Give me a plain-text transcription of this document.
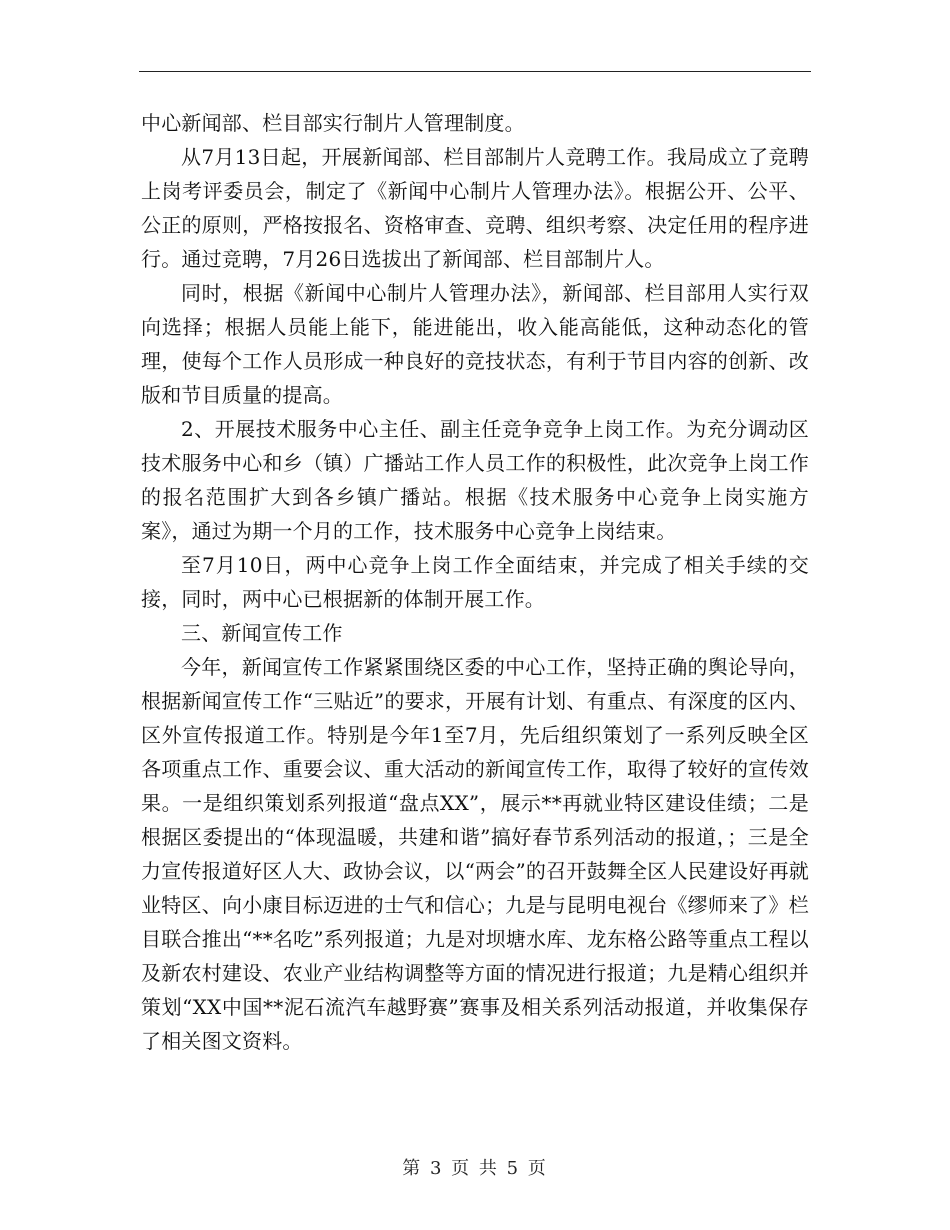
中心新闻部、栏目部实行制片人管理制度。

从7月13日起，开展新闻部、栏目部制片人竞聘工作。我局成立了竞聘上岗考评委员会，制定了《新闻中心制片人管理办法》。根据公开、公平、公正的原则，严格按报名、资格审查、竞聘、组织考察、决定任用的程序进行。通过竞聘，7月26日选拔出了新闻部、栏目部制片人。

同时，根据《新闻中心制片人管理办法》，新闻部、栏目部用人实行双向选择；根据人员能上能下，能进能出，收入能高能低，这种动态化的管理，使每个工作人员形成一种良好的竞技状态，有利于节目内容的创新、改版和节目质量的提高。

2、开展技术服务中心主任、副主任竞争竞争上岗工作。为充分调动区技术服务中心和乡（镇）广播站工作人员工作的积极性，此次竞争上岗工作的报名范围扩大到各乡镇广播站。根据《技术服务中心竞争上岗实施方案》，通过为期一个月的工作，技术服务中心竞争上岗结束。

至7月10日，两中心竞争上岗工作全面结束，并完成了相关手续的交接，同时，两中心已根据新的体制开展工作。

三、新闻宣传工作

今年，新闻宣传工作紧紧围绕区委的中心工作，坚持正确的舆论导向，根据新闻宣传工作“三贴近”的要求，开展有计划、有重点、有深度的区内、区外宣传报道工作。特别是今年1至7月，先后组织策划了一系列反映全区各项重点工作、重要会议、重大活动的新闻宣传工作，取得了较好的宣传效果。一是组织策划系列报道“盘点XX”，展示**再就业特区建设佳绩；二是根据区委提出的“体现温暖，共建和谐”搞好春节系列活动的报道，；三是全力宣传报道好区人大、政协会议，以“两会”的召开鼓舞全区人民建设好再就业特区、向小康目标迈进的士气和信心；九是与昆明电视台《缪师来了》栏目联合推出“**名吃”系列报道；九是对坝塘水库、龙东格公路等重点工程以及新农村建设、农业产业结构调整等方面的情况进行报道；九是精心组织并策划“XX中国**泥石流汽车越野赛”赛事及相关系列活动报道，并收集保存了相关图文资料。

第 3 页 共 5 页
